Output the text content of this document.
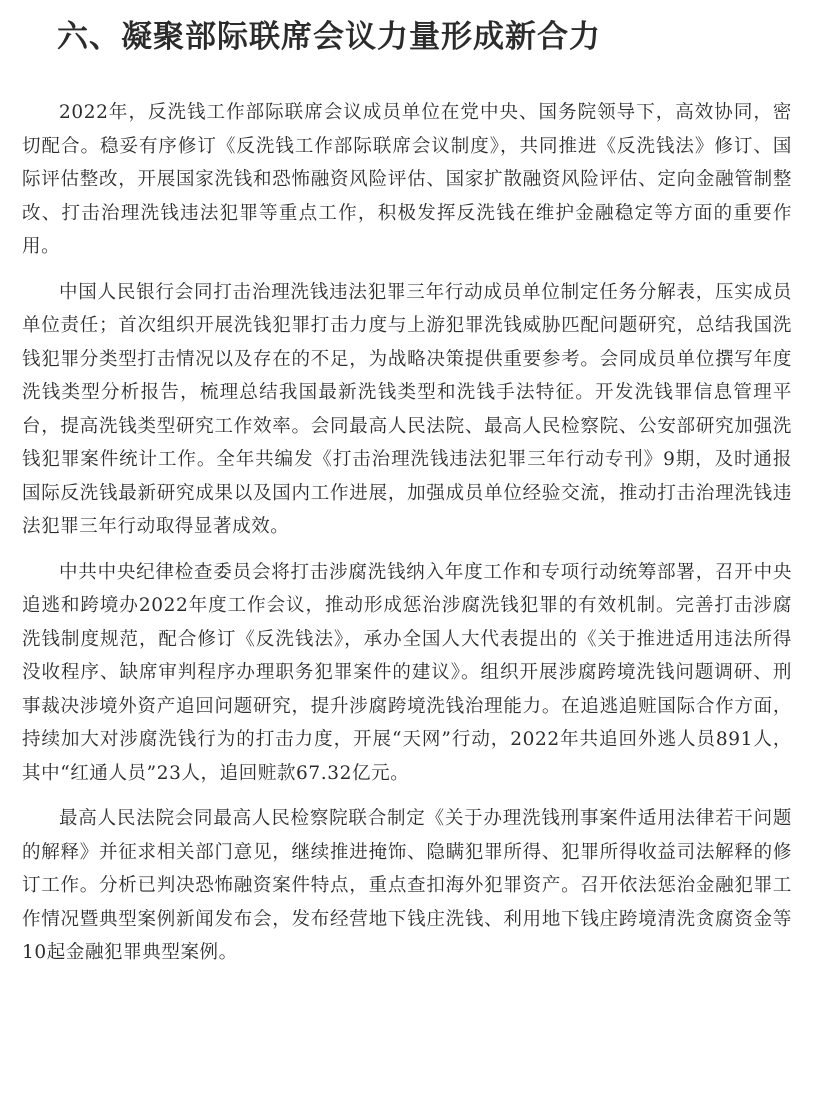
六、凝聚部际联席会议力量形成新合力

2022年，反洗钱工作部际联席会议成员单位在党中央、国务院领导下，高效协同，密切配合。稳妥有序修订《反洗钱工作部际联席会议制度》，共同推进《反洗钱法》修订、国际评估整改，开展国家洗钱和恐怖融资风险评估、国家扩散融资风险评估、定向金融管制整改、打击治理洗钱违法犯罪等重点工作，积极发挥反洗钱在维护金融稳定等方面的重要作用。

中国人民银行会同打击治理洗钱违法犯罪三年行动成员单位制定任务分解表，压实成员单位责任；首次组织开展洗钱犯罪打击力度与上游犯罪洗钱威胁匹配问题研究，总结我国洗钱犯罪分类型打击情况以及存在的不足，为战略决策提供重要参考。会同成员单位撰写年度洗钱类型分析报告，梳理总结我国最新洗钱类型和洗钱手法特征。开发洗钱罪信息管理平台，提高洗钱类型研究工作效率。会同最高人民法院、最高人民检察院、公安部研究加强洗钱犯罪案件统计工作。全年共编发《打击治理洗钱违法犯罪三年行动专刊》9期，及时通报国际反洗钱最新研究成果以及国内工作进展，加强成员单位经验交流，推动打击治理洗钱违法犯罪三年行动取得显著成效。

中共中央纪律检查委员会将打击涉腐洗钱纳入年度工作和专项行动统筹部署，召开中央追逃和跨境办2022年度工作会议，推动形成惩治涉腐洗钱犯罪的有效机制。完善打击涉腐洗钱制度规范，配合修订《反洗钱法》，承办全国人大代表提出的《关于推进适用违法所得没收程序、缺席审判程序办理职务犯罪案件的建议》。组织开展涉腐跨境洗钱问题调研、刑事裁决涉境外资产追回问题研究，提升涉腐跨境洗钱治理能力。在追逃追赃国际合作方面，持续加大对涉腐洗钱行为的打击力度，开展“天网”行动，2022年共追回外逃人员891人，其中“红通人员”23人，追回赃款67.32亿元。

最高人民法院会同最高人民检察院联合制定《关于办理洗钱刑事案件适用法律若干问题的解释》并征求相关部门意见，继续推进掩饰、隐瞒犯罪所得、犯罪所得收益司法解释的修订工作。分析已判决恐怖融资案件特点，重点查扣海外犯罪资产。召开依法惩治金融犯罪工作情况暨典型案例新闻发布会，发布经营地下钱庄洗钱、利用地下钱庄跨境清洗贪腐资金等10起金融犯罪典型案例。
